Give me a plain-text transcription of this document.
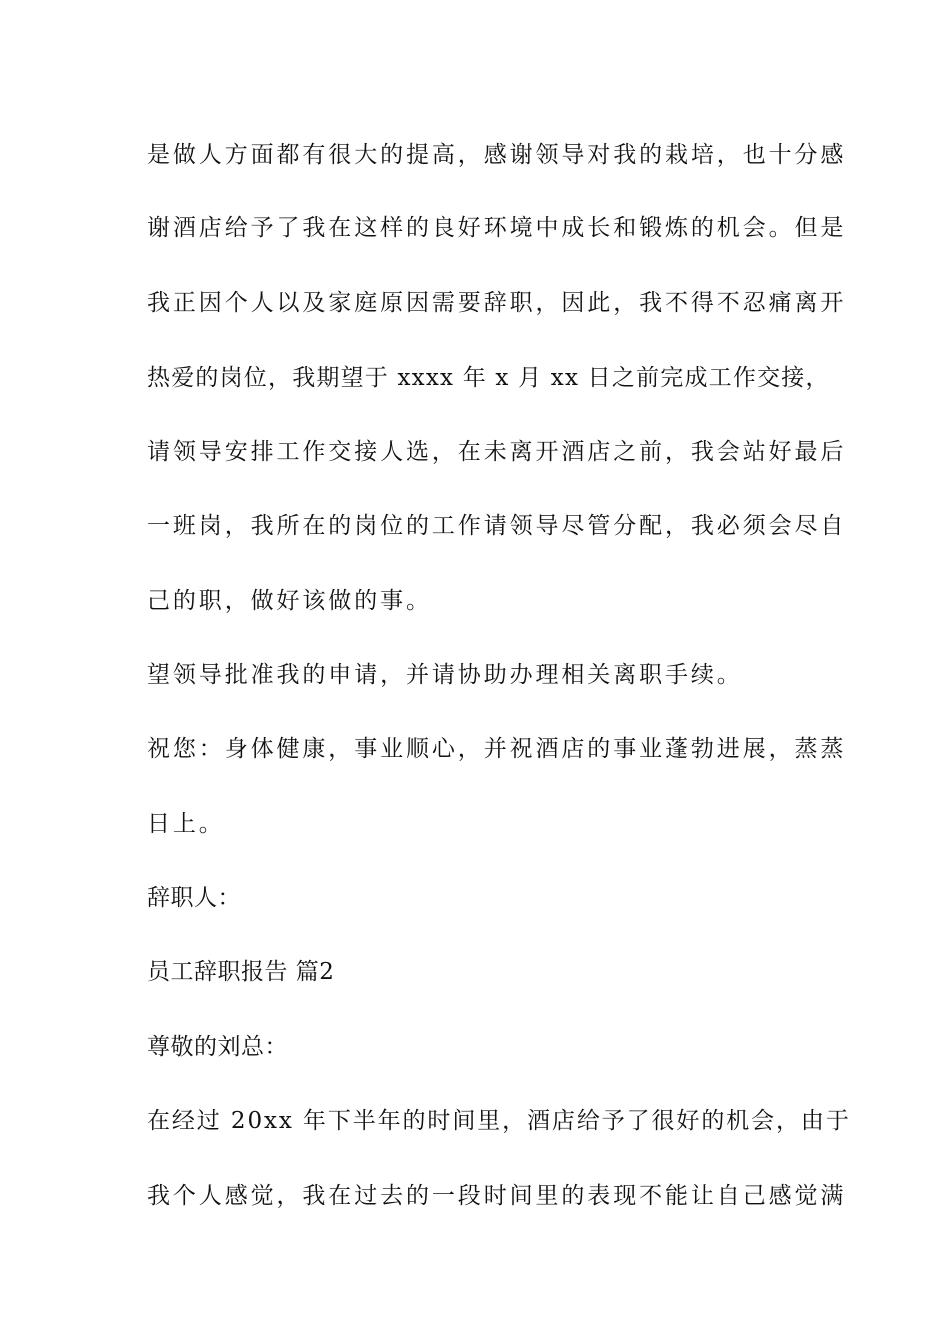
是做人方面都有很大的提高，感谢领导对我的栽培，也十分感
谢酒店给予了我在这样的良好环境中成长和锻炼的机会。但是
我正因个人以及家庭原因需要辞职，因此，我不得不忍痛离开
热爱的岗位，我期望于 xxxx 年 x 月 xx 日之前完成工作交接，
请领导安排工作交接人选，在未离开酒店之前，我会站好最后
一班岗，我所在的岗位的工作请领导尽管分配，我必须会尽自
己的职，做好该做的事。
望领导批准我的申请，并请协助办理相关离职手续。
祝您：身体健康，事业顺心，并祝酒店的事业蓬勃进展，蒸蒸
日上。
辞职人：
员工辞职报告 篇2
尊敬的刘总：
在经过 20xx 年下半年的时间里，酒店给予了很好的机会，由于
我个人感觉，我在过去的一段时间里的表现不能让自己感觉满
